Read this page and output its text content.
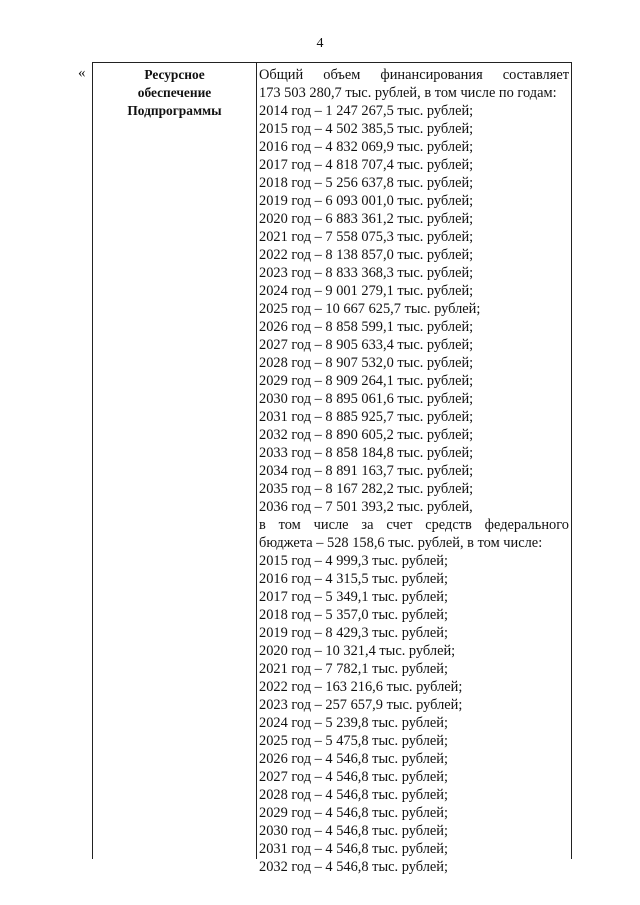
4
«	Ресурсное
обеспечение
Подпрограммы
Общий объем финансирования составляет
173 503 280,7 тыс. рублей, в том числе по годам:
2014 год – 1 247 267,5 тыс. рублей;
2015 год – 4 502 385,5 тыс. рублей;
2016 год – 4 832 069,9 тыс. рублей;
2017 год – 4 818 707,4 тыс. рублей;
2018 год – 5 256 637,8 тыс. рублей;
2019 год – 6 093 001,0 тыс. рублей;
2020 год – 6 883 361,2 тыс. рублей;
2021 год – 7 558 075,3 тыс. рублей;
2022 год – 8 138 857,0 тыс. рублей;
2023 год – 8 833 368,3 тыс. рублей;
2024 год – 9 001 279,1 тыс. рублей;
2025 год – 10 667 625,7 тыс. рублей;
2026 год – 8 858 599,1 тыс. рублей;
2027 год – 8 905 633,4 тыс. рублей;
2028 год – 8 907 532,0 тыс. рублей;
2029 год – 8 909 264,1 тыс. рублей;
2030 год – 8 895 061,6 тыс. рублей;
2031 год – 8 885 925,7 тыс. рублей;
2032 год – 8 890 605,2 тыс. рублей;
2033 год – 8 858 184,8 тыс. рублей;
2034 год – 8 891 163,7 тыс. рублей;
2035 год – 8 167 282,2 тыс. рублей;
2036 год – 7 501 393,2 тыс. рублей,
в том числе за счет средств федерального
бюджета – 528 158,6 тыс. рублей, в том числе:
2015 год – 4 999,3 тыс. рублей;
2016 год – 4 315,5 тыс. рублей;
2017 год – 5 349,1 тыс. рублей;
2018 год – 5 357,0 тыс. рублей;
2019 год – 8 429,3 тыс. рублей;
2020 год – 10 321,4 тыс. рублей;
2021 год – 7 782,1 тыс. рублей;
2022 год – 163 216,6 тыс. рублей;
2023 год – 257 657,9 тыс. рублей;
2024 год – 5 239,8 тыс. рублей;
2025 год – 5 475,8 тыс. рублей;
2026 год – 4 546,8 тыс. рублей;
2027 год – 4 546,8 тыс. рублей;
2028 год – 4 546,8 тыс. рублей;
2029 год – 4 546,8 тыс. рублей;
2030 год – 4 546,8 тыс. рублей;
2031 год – 4 546,8 тыс. рублей;
2032 год – 4 546,8 тыс. рублей;
